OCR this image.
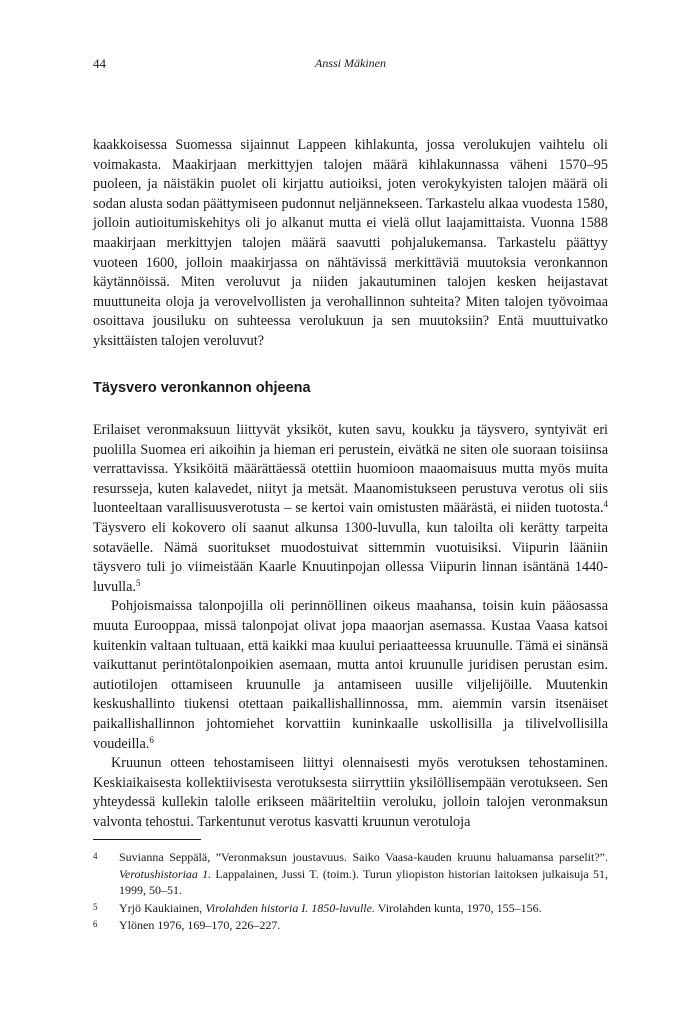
44	Anssi Mäkinen

kaakkoisessa Suomessa sijainnut Lappeen kihlakunta, jossa verolukujen vaihtelu oli voimakasta. Maakirjaan merkittyjen talojen määrä kihlakunnassa väheni 1570–95 puoleen, ja näistäkin puolet oli kirjattu autioiksi, joten verokykyisten talojen määrä oli sodan alusta sodan päättymiseen pudonnut neljännekseen. Tarkastelu alkaa vuodesta 1580, jolloin autioitumiskehitys oli jo alkanut mutta ei vielä ollut laajamittaista. Vuonna 1588 maakirjaan merkittyjen talojen määrä saavutti pohjalukemansa. Tarkastelu päättyy vuoteen 1600, jolloin maakirjassa on nähtävissä merkittäviä muutoksia veronkannon käytännöissä. Miten veroluvut ja niiden jakautuminen talojen kesken heijastavat muuttuneita oloja ja verovelvollisten ja verohallinnon suhteita? Miten talojen työvoimaa osoittava jousiluku on suhteessa verolukuun ja sen muutoksiin? Entä muuttuivatko yksittäisten talojen veroluvut?

Täysvero veronkannon ohjeena

Erilaiset veronmaksuun liittyvät yksiköt, kuten savu, koukku ja täysvero, syntyivät eri puolilla Suomea eri aikoihin ja hieman eri perustein, eivätkä ne siten ole suoraan toisiinsa verrattavissa. Yksiköitä määrättäessä otettiin huomioon maaomaisuus mutta myös muita resursseja, kuten kalavedet, niityt ja metsät. Maanomistukseen perustuva verotus oli siis luonteeltaan varallisuusverotusta – se kertoi vain omistusten määrästä, ei niiden tuotosta.$^4$ Täysvero eli kokovero oli saanut alkunsa 1300-luvulla, kun taloilta oli kerätty tarpeita sotaväelle. Nämä suoritukset muodostuivat sittemmin vuotuisiksi. Viipurin lääniin täysvero tuli jo viimeistään Kaarle Knuutinpojan ollessa Viipurin linnan isäntänä 1440-luvulla.$^5$

Pohjoismaissa talonpojilla oli perinnöllinen oikeus maahansa, toisin kuin pääosassa muuta Eurooppaa, missä talonpojat olivat jopa maaorjan asemassa. Kustaa Vaasa katsoi kuitenkin valtaan tultuaan, että kaikki maa kuului periaatteessa kruunulle. Tämä ei sinänsä vaikuttanut perintötalonpoikien asemaan, mutta antoi kruunulle juridisen perustan esim. autiotilojen ottamiseen kruunulle ja antamiseen uusille viljelijöille. Muutenkin keskushallinto tiukensi otettaan paikallishallinnossa, mm. aiemmin varsin itsenäiset paikallishallinnon johtomiehet korvattiin kuninkaalle uskollisilla ja tilivelvollisilla voudeilla.$^6$

Kruunun otteen tehostamiseen liittyi olennaisesti myös verotuksen tehostaminen. Keskiaikaisesta kollektiivisesta verotuksesta siirryttiin yksilöllisempään verotukseen. Sen yhteydessä kullekin talolle erikseen määriteltiin veroluku, jolloin talojen veronmaksun valvonta tehostui. Tarkentunut verotus kasvatti kruunun verotuloja

4 Suvianna Seppälä, ”Veronmaksun joustavuus. Saiko Vaasa-kauden kruunu haluamansa parselit?”. Verotushistoriaa 1. Lappalainen, Jussi T. (toim.). Turun yliopiston historian laitoksen julkaisuja 51, 1999, 50–51.

5 Yrjö Kaukiainen, Virolahden historia I. 1850-luvulle. Virolahden kunta, 1970, 155–156.

6 Ylönen 1976, 169–170, 226–227.
